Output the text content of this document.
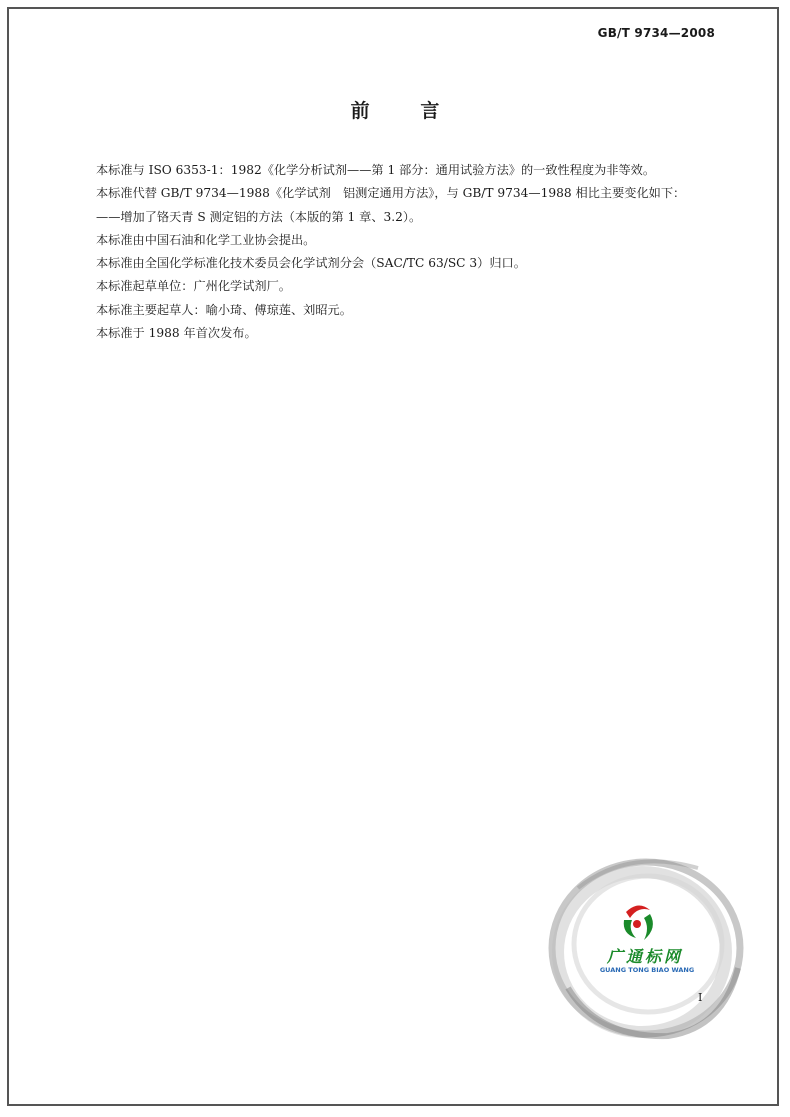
GB/T 9734—2008
前	言
本标准与 ISO 6353-1：1982《化学分析试剂——第 1 部分：通用试验方法》的一致性程度为非等效。
本标准代替 GB/T 9734—1988《化学试剂　铝测定通用方法》，与 GB/T 9734—1988 相比主要变化如下：
——增加了铬天青 S 测定铝的方法（本版的第 1 章、3.2）。
本标准由中国石油和化学工业协会提出。
本标准由全国化学标准化技术委员会化学试剂分会（SAC/TC 63/SC 3）归口。
本标准起草单位：广州化学试剂厂。
本标准主要起草人：喻小琦、傅琼莲、刘昭元。
本标准于 1988 年首次发布。
广通标网
GUANG TONG BIAO WANG
I
